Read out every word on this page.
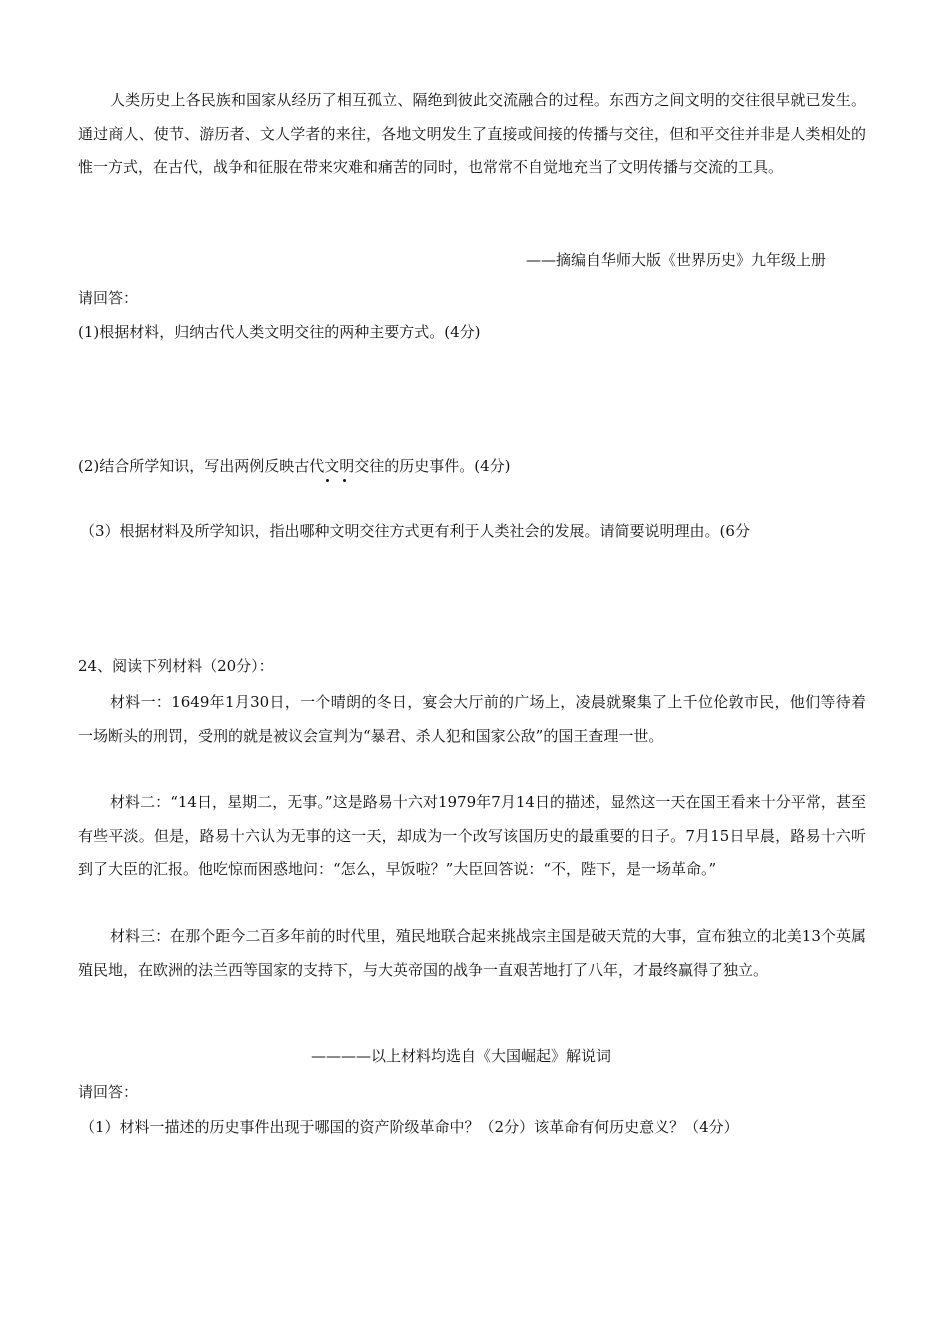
人类历史上各民族和国家从经历了相互孤立、隔绝到彼此交流融合的过程。东西方之间文明的交往很早就已发生。通过商人、使节、游历者、文人学者的来往，各地文明发生了直接或间接的传播与交往，但和平交往并非是人类相处的惟一方式，在古代，战争和征服在带来灾难和痛苦的同时，也常常不自觉地充当了文明传播与交流的工具。
——摘编自华师大版《世界历史》九年级上册
请回答：
(1)根据材料，归纳古代人类文明交往的两种主要方式。(4分)
(2)结合所学知识，写出两例反映古代文明交往的历史事件。(4分)
（3）根据材料及所学知识，指出哪种文明交往方式更有利于人类社会的发展。请简要说明理由。(6分
24、阅读下列材料（20分）：
材料一：1649年1月30日，一个晴朗的冬日，宴会大厅前的广场上，凌晨就聚集了上千位伦敦市民，他们等待着一场断头的刑罚，受刑的就是被议会宣判为“暴君、杀人犯和国家公敌”的国王查理一世。
材料二：“14日，星期二，无事。”这是路易十六对1979年7月14日的描述，显然这一天在国王看来十分平常，甚至有些平淡。但是，路易十六认为无事的这一天，却成为一个改写该国历史的最重要的日子。7月15日早晨，路易十六听到了大臣的汇报。他吃惊而困惑地问：“怎么，早饭啦？”大臣回答说：“不，陛下，是一场革命。”
材料三：在那个距今二百多年前的时代里，殖民地联合起来挑战宗主国是破天荒的大事，宣布独立的北美13个英属殖民地，在欧洲的法兰西等国家的支持下，与大英帝国的战争一直艰苦地打了八年，才最终赢得了独立。
————以上材料均选自《大国崛起》解说词
请回答：
（1）材料一描述的历史事件出现于哪国的资产阶级革命中？（2分）该革命有何历史意义？（4分）
